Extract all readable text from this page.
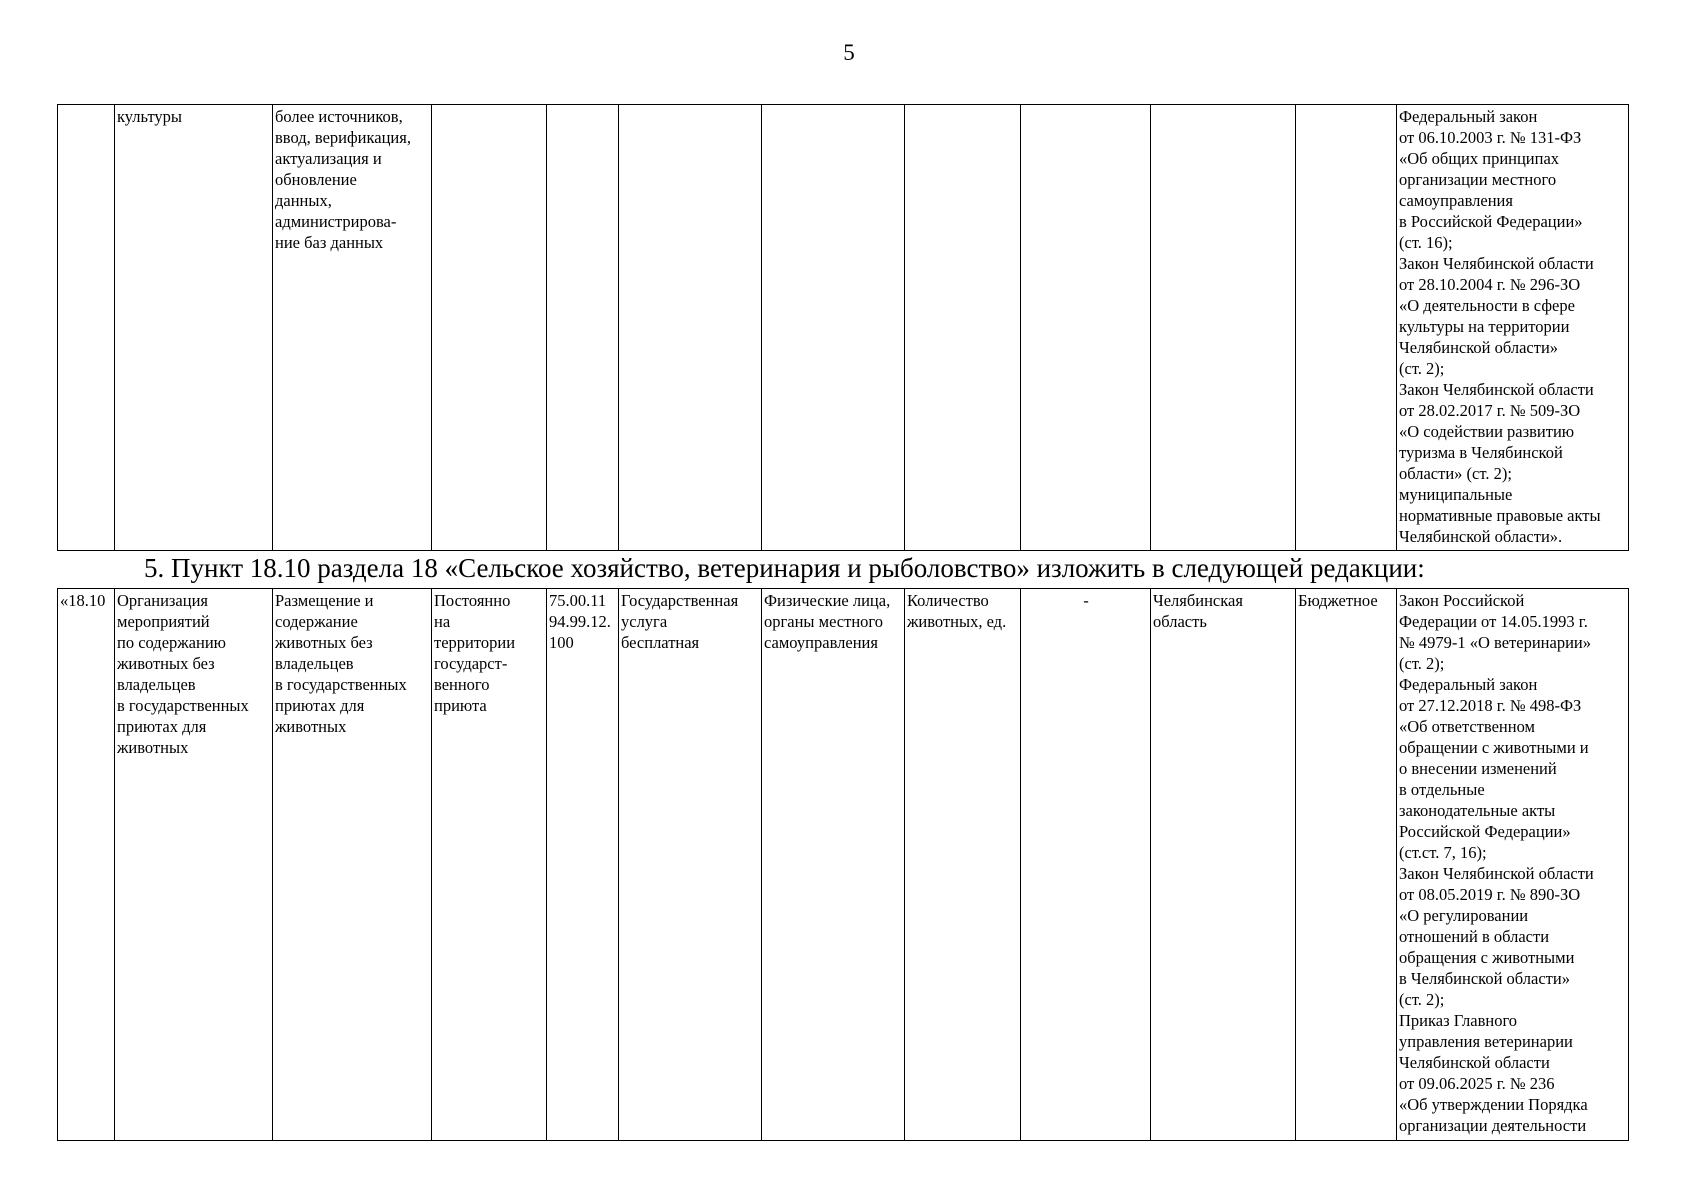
5
	культуры	более источников,
ввод, верификация,
актуализация и
обновление
данных,
администрирова-
ние баз данных									Федеральный закон
от 06.10.2003 г. № 131-ФЗ
«Об общих принципах
организации местного
самоуправления
в Российской Федерации»
(ст. 16);
Закон Челябинской области
от 28.10.2004 г. № 296-ЗО
«О деятельности в сфере
культуры на территории
Челябинской области»
(ст. 2);
Закон Челябинской области
от 28.02.2017 г. № 509-ЗО
«О содействии развитию
туризма в Челябинской
области» (ст. 2);
муниципальные
нормативные правовые акты
Челябинской области».
5. Пункт 18.10 раздела 18 «Сельское хозяйство, ветеринария и рыболовство» изложить в следующей редакции:
«18.10	Организация
мероприятий
по содержанию
животных без
владельцев
в государственных
приютах для
животных	Размещение и
содержание
животных без
владельцев
в государственных
приютах для
животных	Постоянно
на
территории
государст-
венного
приюта	75.00.11
94.99.12.
100	Государственная
услуга
бесплатная	Физические лица,
органы местного
самоуправления	Количество
животных, ед.	-	Челябинская
область	Бюджетное	Закон Российской
Федерации от 14.05.1993 г.
№ 4979-1 «О ветеринарии»
(ст. 2);
Федеральный закон
от 27.12.2018 г. № 498-ФЗ
«Об ответственном
обращении с животными и
о внесении изменений
в отдельные
законодательные акты
Российской Федерации»
(ст.ст. 7, 16);
Закон Челябинской области
от 08.05.2019 г. № 890-ЗО
«О регулировании
отношений в области
обращения с животными
в Челябинской области»
(ст. 2);
Приказ Главного
управления ветеринарии
Челябинской области
от 09.06.2025 г. № 236
«Об утверждении Порядка
организации деятельности
